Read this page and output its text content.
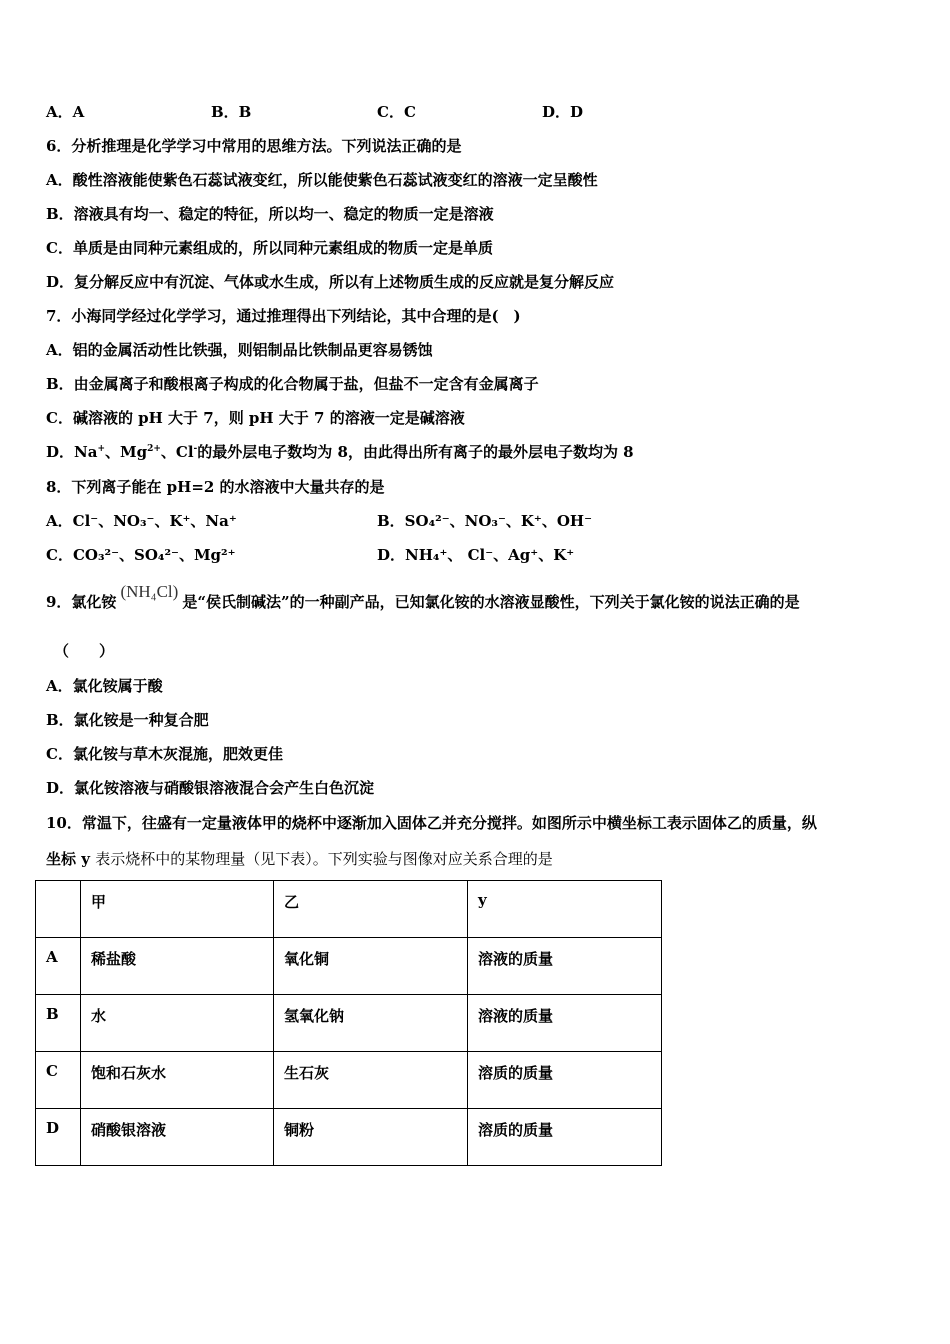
A．A	B．B	C．C	D．D
6．分析推理是化学学习中常用的思维方法。下列说法正确的是
A．酸性溶液能使紫色石蕊试液变红，所以能使紫色石蕊试液变红的溶液一定呈酸性
B．溶液具有均一、稳定的特征，所以均一、稳定的物质一定是溶液
C．单质是由同种元素组成的，所以同种元素组成的物质一定是单质
D．复分解反应中有沉淀、气体或水生成，所以有上述物质生成的反应就是复分解反应
7．小海同学经过化学学习，通过推理得出下列结论，其中合理的是(　)
A．铝的金属活动性比铁强，则铝制品比铁制品更容易锈蚀
B．由金属离子和酸根离子构成的化合物属于盐，但盐不一定含有金属离子
C．碱溶液的 pH 大于 7，则 pH 大于 7 的溶液一定是碱溶液
D．Na+、$Mg^{2+}$、Cl-的最外层电子数均为 8，由此得出所有离子的最外层电子数均为 8
8．下列离子能在 pH=2 的水溶液中大量共存的是
A．Cl⁻、NO₃⁻、K⁺、Na⁺	B．SO₄²⁻、NO₃⁻、K⁺、OH⁻
C．CO₃²⁻、SO₄²⁻、Mg²⁺	D．NH₄⁺、 Cl⁻、Ag⁺、K⁺
9．氯化铵(NH₄Cl)是“侯氏制碱法”的一种副产品，已知氯化铵的水溶液显酸性，下列关于氯化铵的说法正确的是
（　　）
A．氯化铵属于酸
B．氯化铵是一种复合肥
C．氯化铵与草木灰混施，肥效更佳
D．氯化铵溶液与硝酸银溶液混合会产生白色沉淀
10．常温下，往盛有一定量液体甲的烧杯中逐渐加入固体乙并充分搅拌。如图所示中横坐标工表示固体乙的质量，纵
坐标 y 表示烧杯中的某物理量（见下表）。下列实验与图像对应关系合理的是
	甲	乙	y
A	稀盐酸	氧化铜	溶液的质量
B	水	氢氧化钠	溶液的质量
C	饱和石灰水	生石灰	溶质的质量
D	硝酸银溶液	铜粉	溶质的质量
